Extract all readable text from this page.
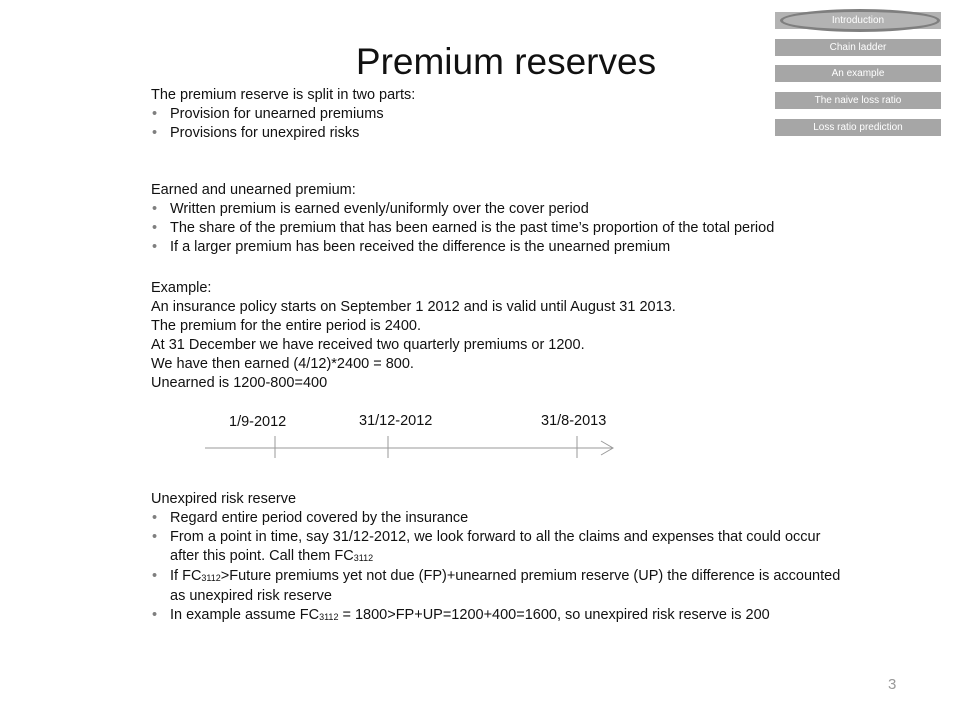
Premium reserves
Introduction
Chain ladder
An example
The naive loss ratio
Loss ratio prediction
The premium reserve is split in two parts:
• Provision for unearned premiums
• Provisions for unexpired risks
Earned and unearned premium:
• Written premium is earned evenly/uniformly over the cover period
• The share of the premium that has been earned is the past time’s proportion of the total period
• If a larger premium has been received the difference is the unearned premium
Example:
An insurance policy starts on September 1 2012 and is valid until August 31 2013.
The premium for the entire period is 2400.
At 31 December we have received two quarterly premiums or 1200.
We have then earned (4/12)*2400 = 800.
Unearned is 1200-800=400
Unexpired risk reserve
• Regard entire period covered by the insurance
• From a point in time, say 31/12-2012, we look forward to all the claims and expenses that could occur after this point. Call them $FC_{3112}$
• If $FC_{3112}>Future$ premiums yet not due (FP)+unearned premium reserve (UP) the difference is accounted as unexpired risk reserve
• In example assume $FC_{3112} = 1800>FP+UP=1200+400=1600$, so unexpired risk reserve is 200
1/9-2012	31/12-2012	31/8-2013
3
